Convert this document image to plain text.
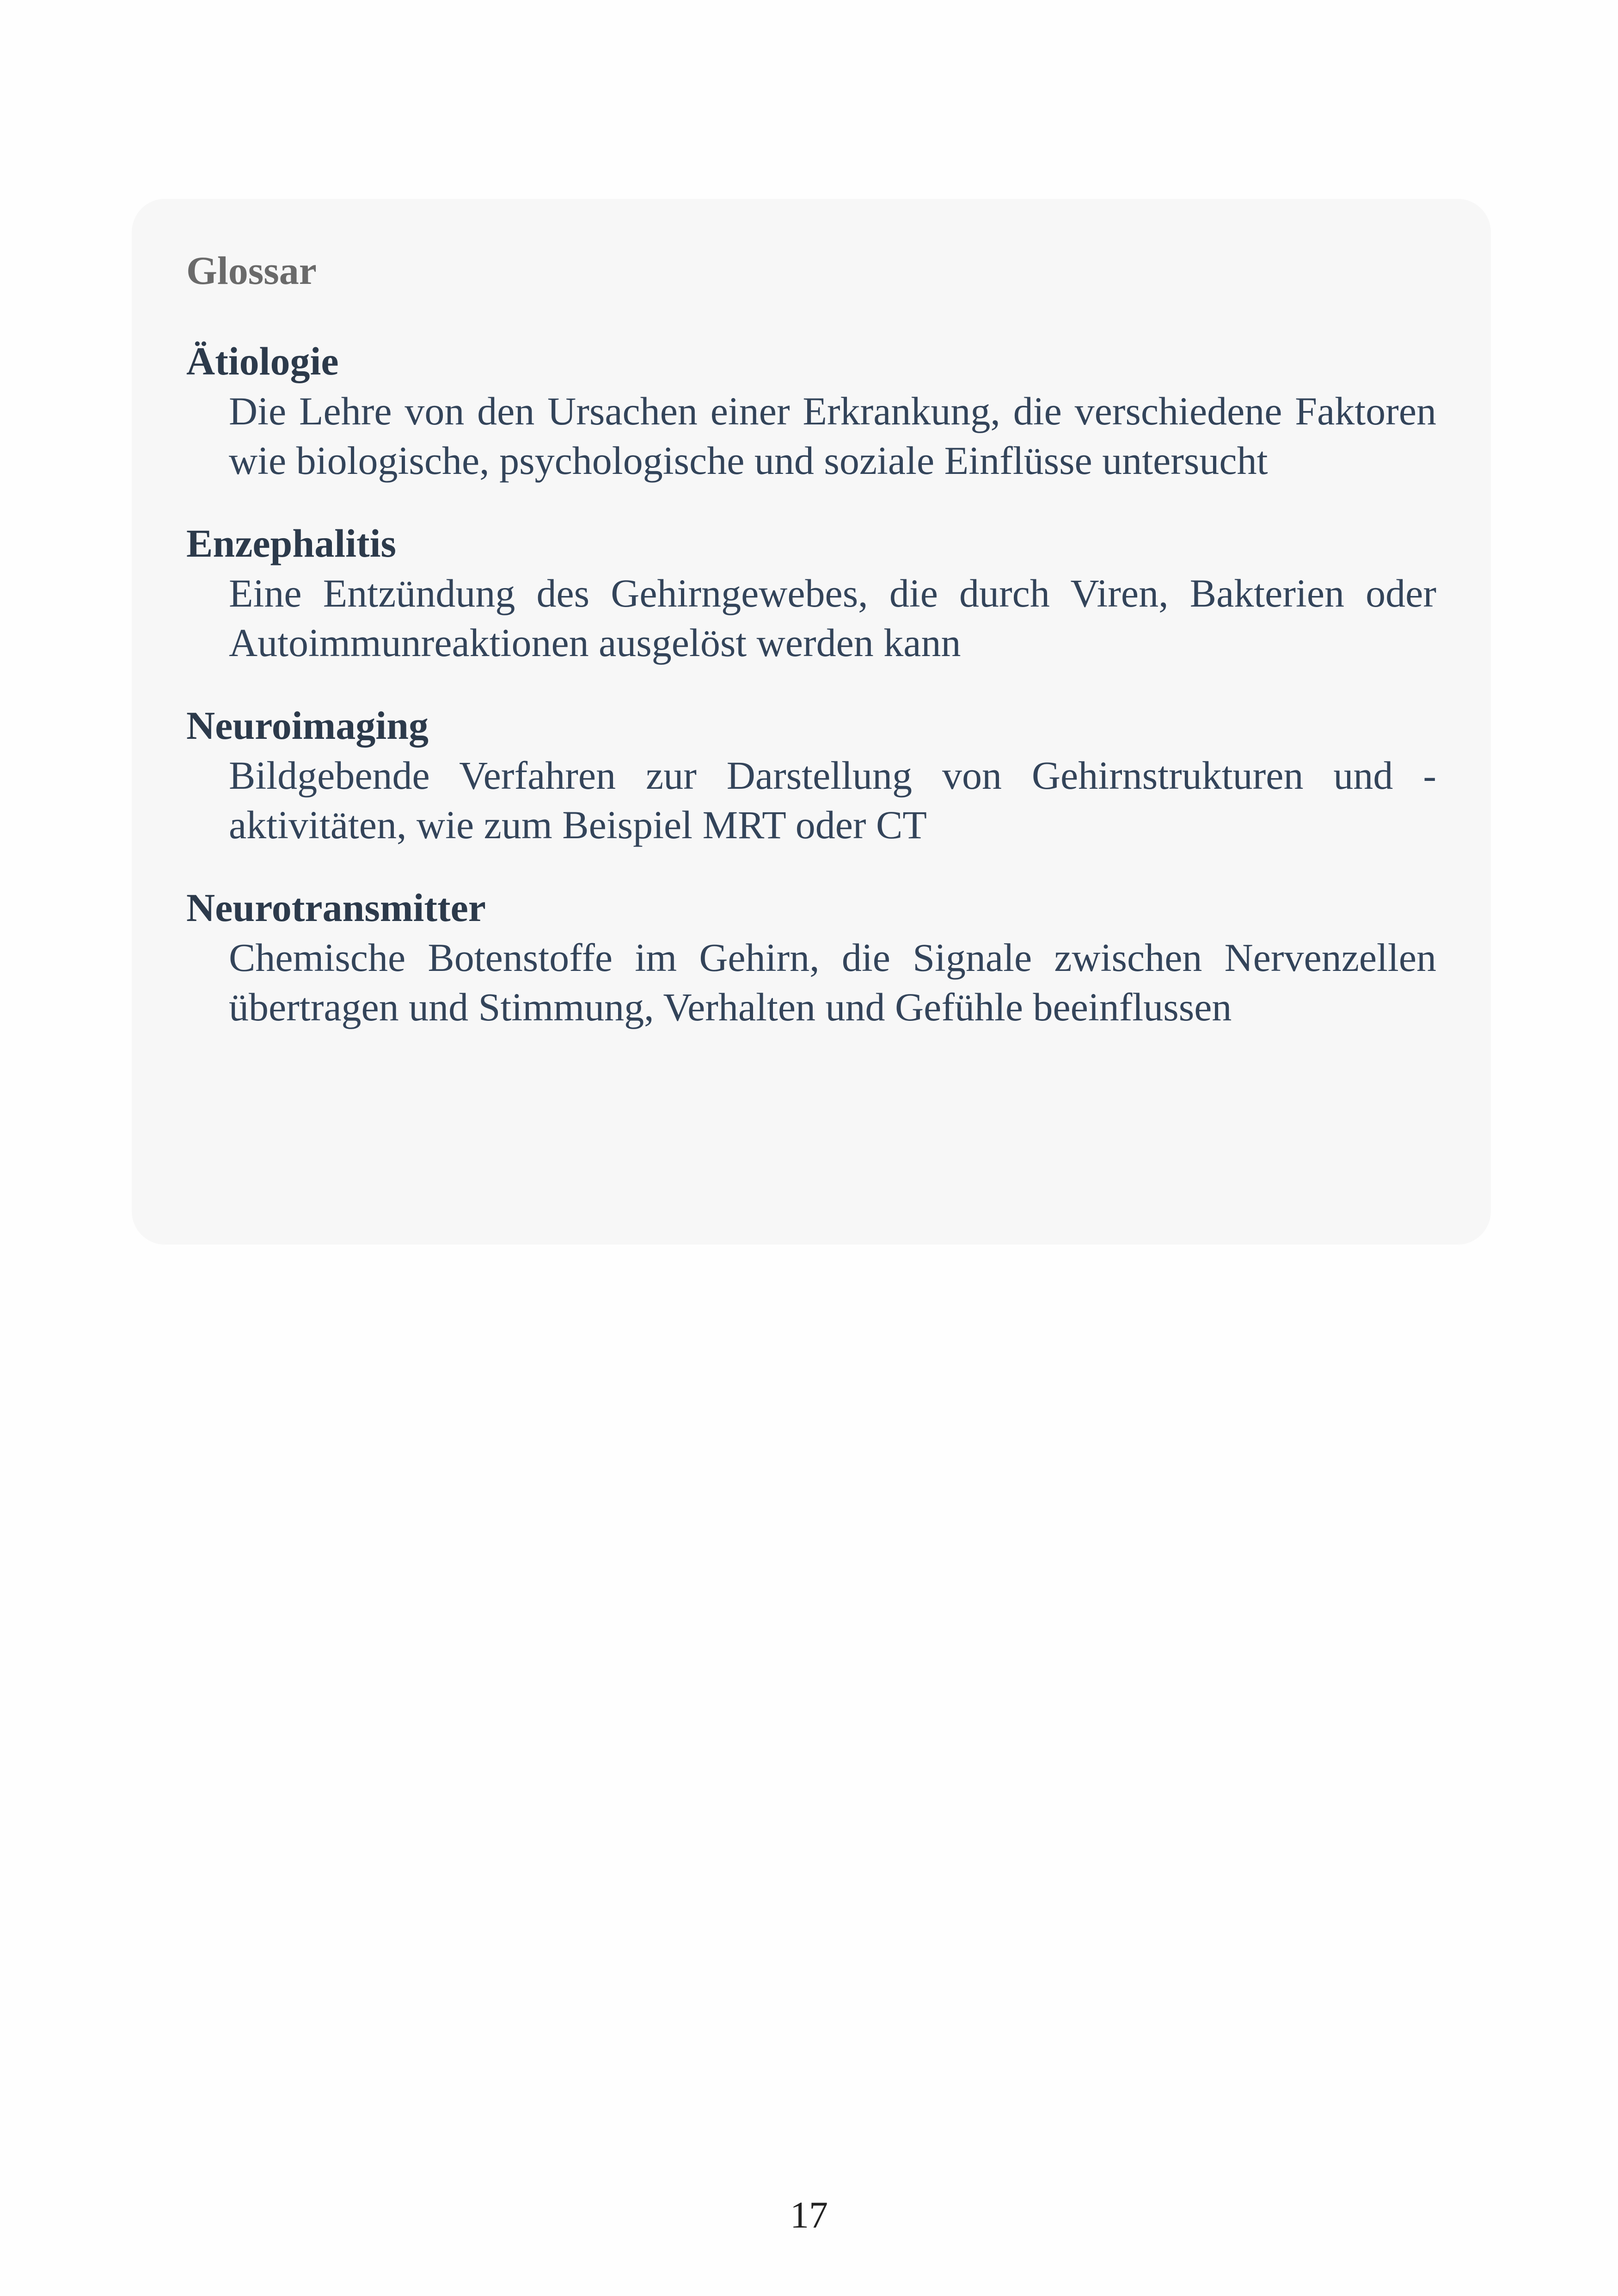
Glossar
Ätiologie
Die Lehre von den Ursachen einer Erkrankung, die verschiedene Faktoren wie biologische, psychologische und soziale Einflüsse untersucht
Enzephalitis
Eine Entzündung des Gehirngewebes, die durch Viren, Bakterien oder Autoimmunreaktionen ausgelöst werden kann
Neuroimaging
Bildgebende Verfahren zur Darstellung von Gehirnstrukturen und -aktivitäten, wie zum Beispiel MRT oder CT
Neurotransmitter
Chemische Botenstoffe im Gehirn, die Signale zwischen Nervenzellen übertragen und Stimmung, Verhalten und Gefühle beeinflussen
17
